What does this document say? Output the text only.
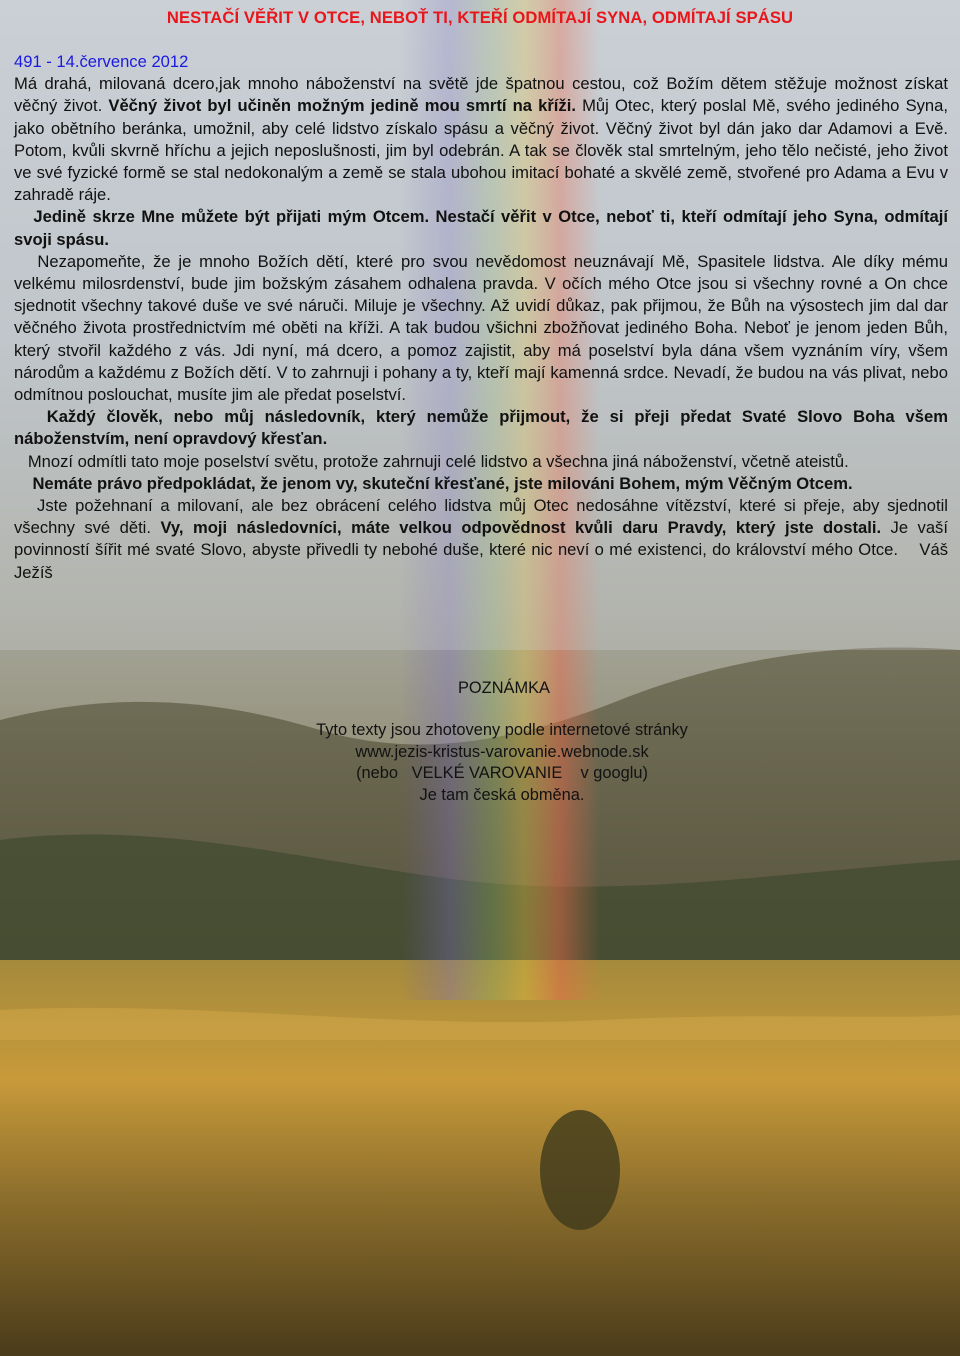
NESTAČÍ VĚŘIT V OTCE, NEBOŤ TI, KTEŘÍ ODMÍTAJÍ SYNA, ODMÍTAJÍ SPÁSU

491 - 14.července 2012

Má drahá, milovaná dcero,jak mnoho náboženství na světě jde špatnou cestou, což Božím dětem stěžuje možnost získat věčný život. Věčný život byl učiněn možným jedině mou smrtí na kříži. Můj Otec, který poslal Mě, svého jediného Syna, jako obětního beránka, umožnil, aby celé lidstvo získalo spásu a věčný život. Věčný život byl dán jako dar Adamovi a Evě. Potom, kvůli skvrně hříchu a jejich neposlušnosti, jim byl odebrán. A tak se člověk stal smrtelným, jeho tělo nečisté, jeho život ve své fyzické formě se stal nedokonalým a země se stala ubohou imitací bohaté a skvělé země, stvořené pro Adama a Evu v zahradě ráje.

Jedině skrze Mne můžete být přijati mým Otcem. Nestačí věřit v Otce, neboť ti, kteří odmítají jeho Syna, odmítají svoji spásu.

Nezapomeňte, že je mnoho Božích dětí, které pro svou nevědomost neuznávají Mě, Spasitele lidstva. Ale díky mému velkému milosrdenství, bude jim božským zásahem odhalena pravda. V očích mého Otce jsou si všechny rovné a On chce sjednotit všechny takové duše ve své náruči. Miluje je všechny. Až uvidí důkaz, pak přijmou, že Bůh na výsostech jim dal dar věčného života prostřednictvím mé oběti na kříži. A tak budou všichni zbožňovat jediného Boha. Neboť je jenom jeden Bůh, který stvořil každého z vás. Jdi nyní, má dcero, a pomoz zajistit, aby má poselství byla dána všem vyznáním víry, všem národům a každému z Božích dětí. V to zahrnuji i pohany a ty, kteří mají kamenná srdce. Nevadí, že budou na vás plivat, nebo odmítnou poslouchat, musíte jim ale předat poselství.

Každý člověk, nebo můj následovník, který nemůže přijmout, že si přeji předat Svaté Slovo Boha všem náboženstvím, není opravdový křesťan.

Mnozí odmítli tato moje poselství světu, protože zahrnuji celé lidstvo a všechna jiná náboženství, včetně ateistů.

Nemáte právo předpokládat, že jenom vy, skuteční křesťané, jste milováni Bohem, mým Věčným Otcem.

Jste požehnaní a milovaní, ale bez obrácení celého lidstva můj Otec nedosáhne vítězství, které si přeje, aby sjednotil všechny své děti. Vy, moji následovníci, máte velkou odpovědnost kvůli daru Pravdy, který jste dostali. Je vaší povinností šířit mé svaté Slovo, abyste přivedli ty nebohé duše, které nic neví o mé existenci, do království mého Otce. Váš Ježíš

POZNÁMKA
Tyto texty jsou zhotoveny podle internetové stránky
www.jezis-kristus-varovanie.webnode.sk
(nebo   VELKÉ VAROVANIE    v googlu)
Je tam česká obměna.
